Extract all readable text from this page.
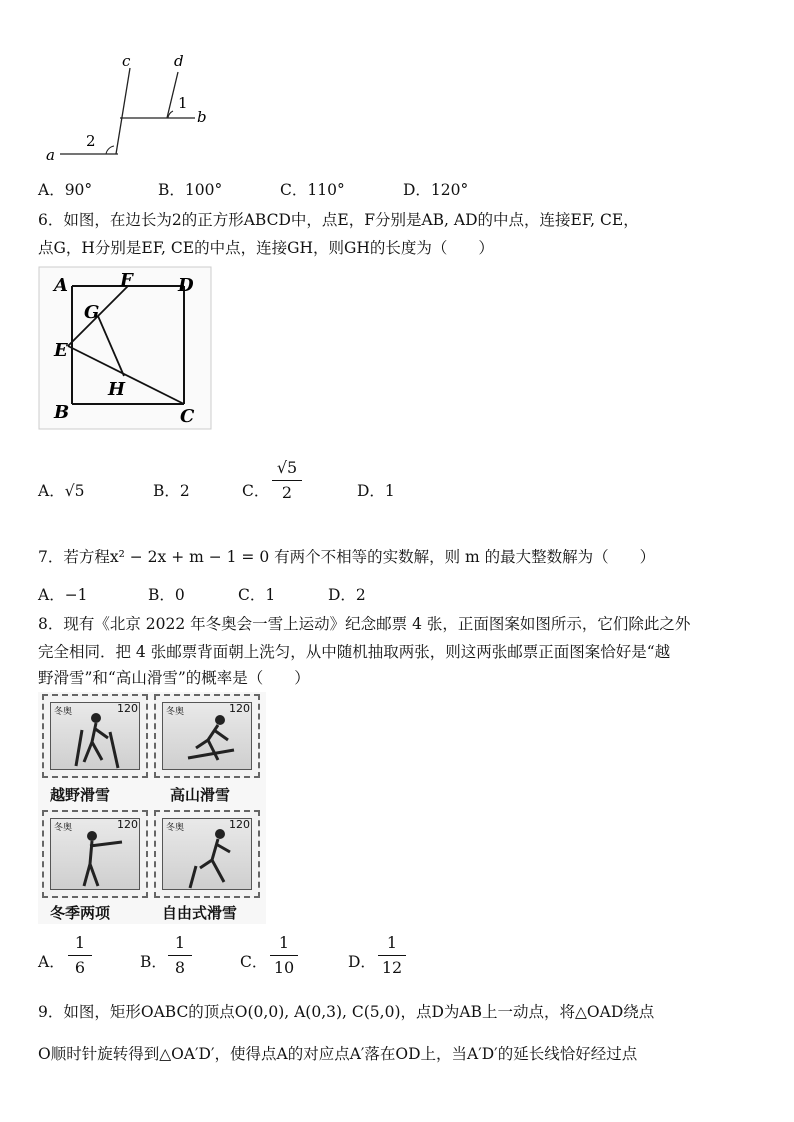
c	d
1
b
2
a
A．90°	B．100°	C．110°	D．120°
6．如图，在边长为2的正方形ABCD中，点E，F分别是AB, AD的中点，连接EF, CE，
点G，H分别是EF, CE的中点，连接GH，则GH的长度为（　　）
A	F	D
G
E
H
B	C
A．√5	B．2	C．
√5
2	D．1
7．若方程x² − 2x + m − 1 = 0 有两个不相等的实数解，则 m 的最大整数解为（　　）
A．−1	B．0	C．1	D．2
8．现有《北京 2022 年冬奥会一雪上运动》纪念邮票 4 张，正面图案如图所示，它们除此之外
完全相同．把 4 张邮票背面朝上洗匀，从中随机抽取两张，则这两张邮票正面图案恰好是“越
野滑雪”和“高山滑雪”的概率是（　　）
冬奥	120	冬奥	120
越野滑雪	高山滑雪
冬奥	120	冬奥	120
冬季两项	自由式滑雪
A．
1
6	B．
1
8	C．
1
10	D．
1
12
9．如图，矩形OABC的顶点O(0,0), A(0,3), C(5,0)，点D为AB上一动点，将△OAD绕点
O顺时针旋转得到△OA′D′，使得点A的对应点A′落在OD上，当A′D′的延长线恰好经过点
